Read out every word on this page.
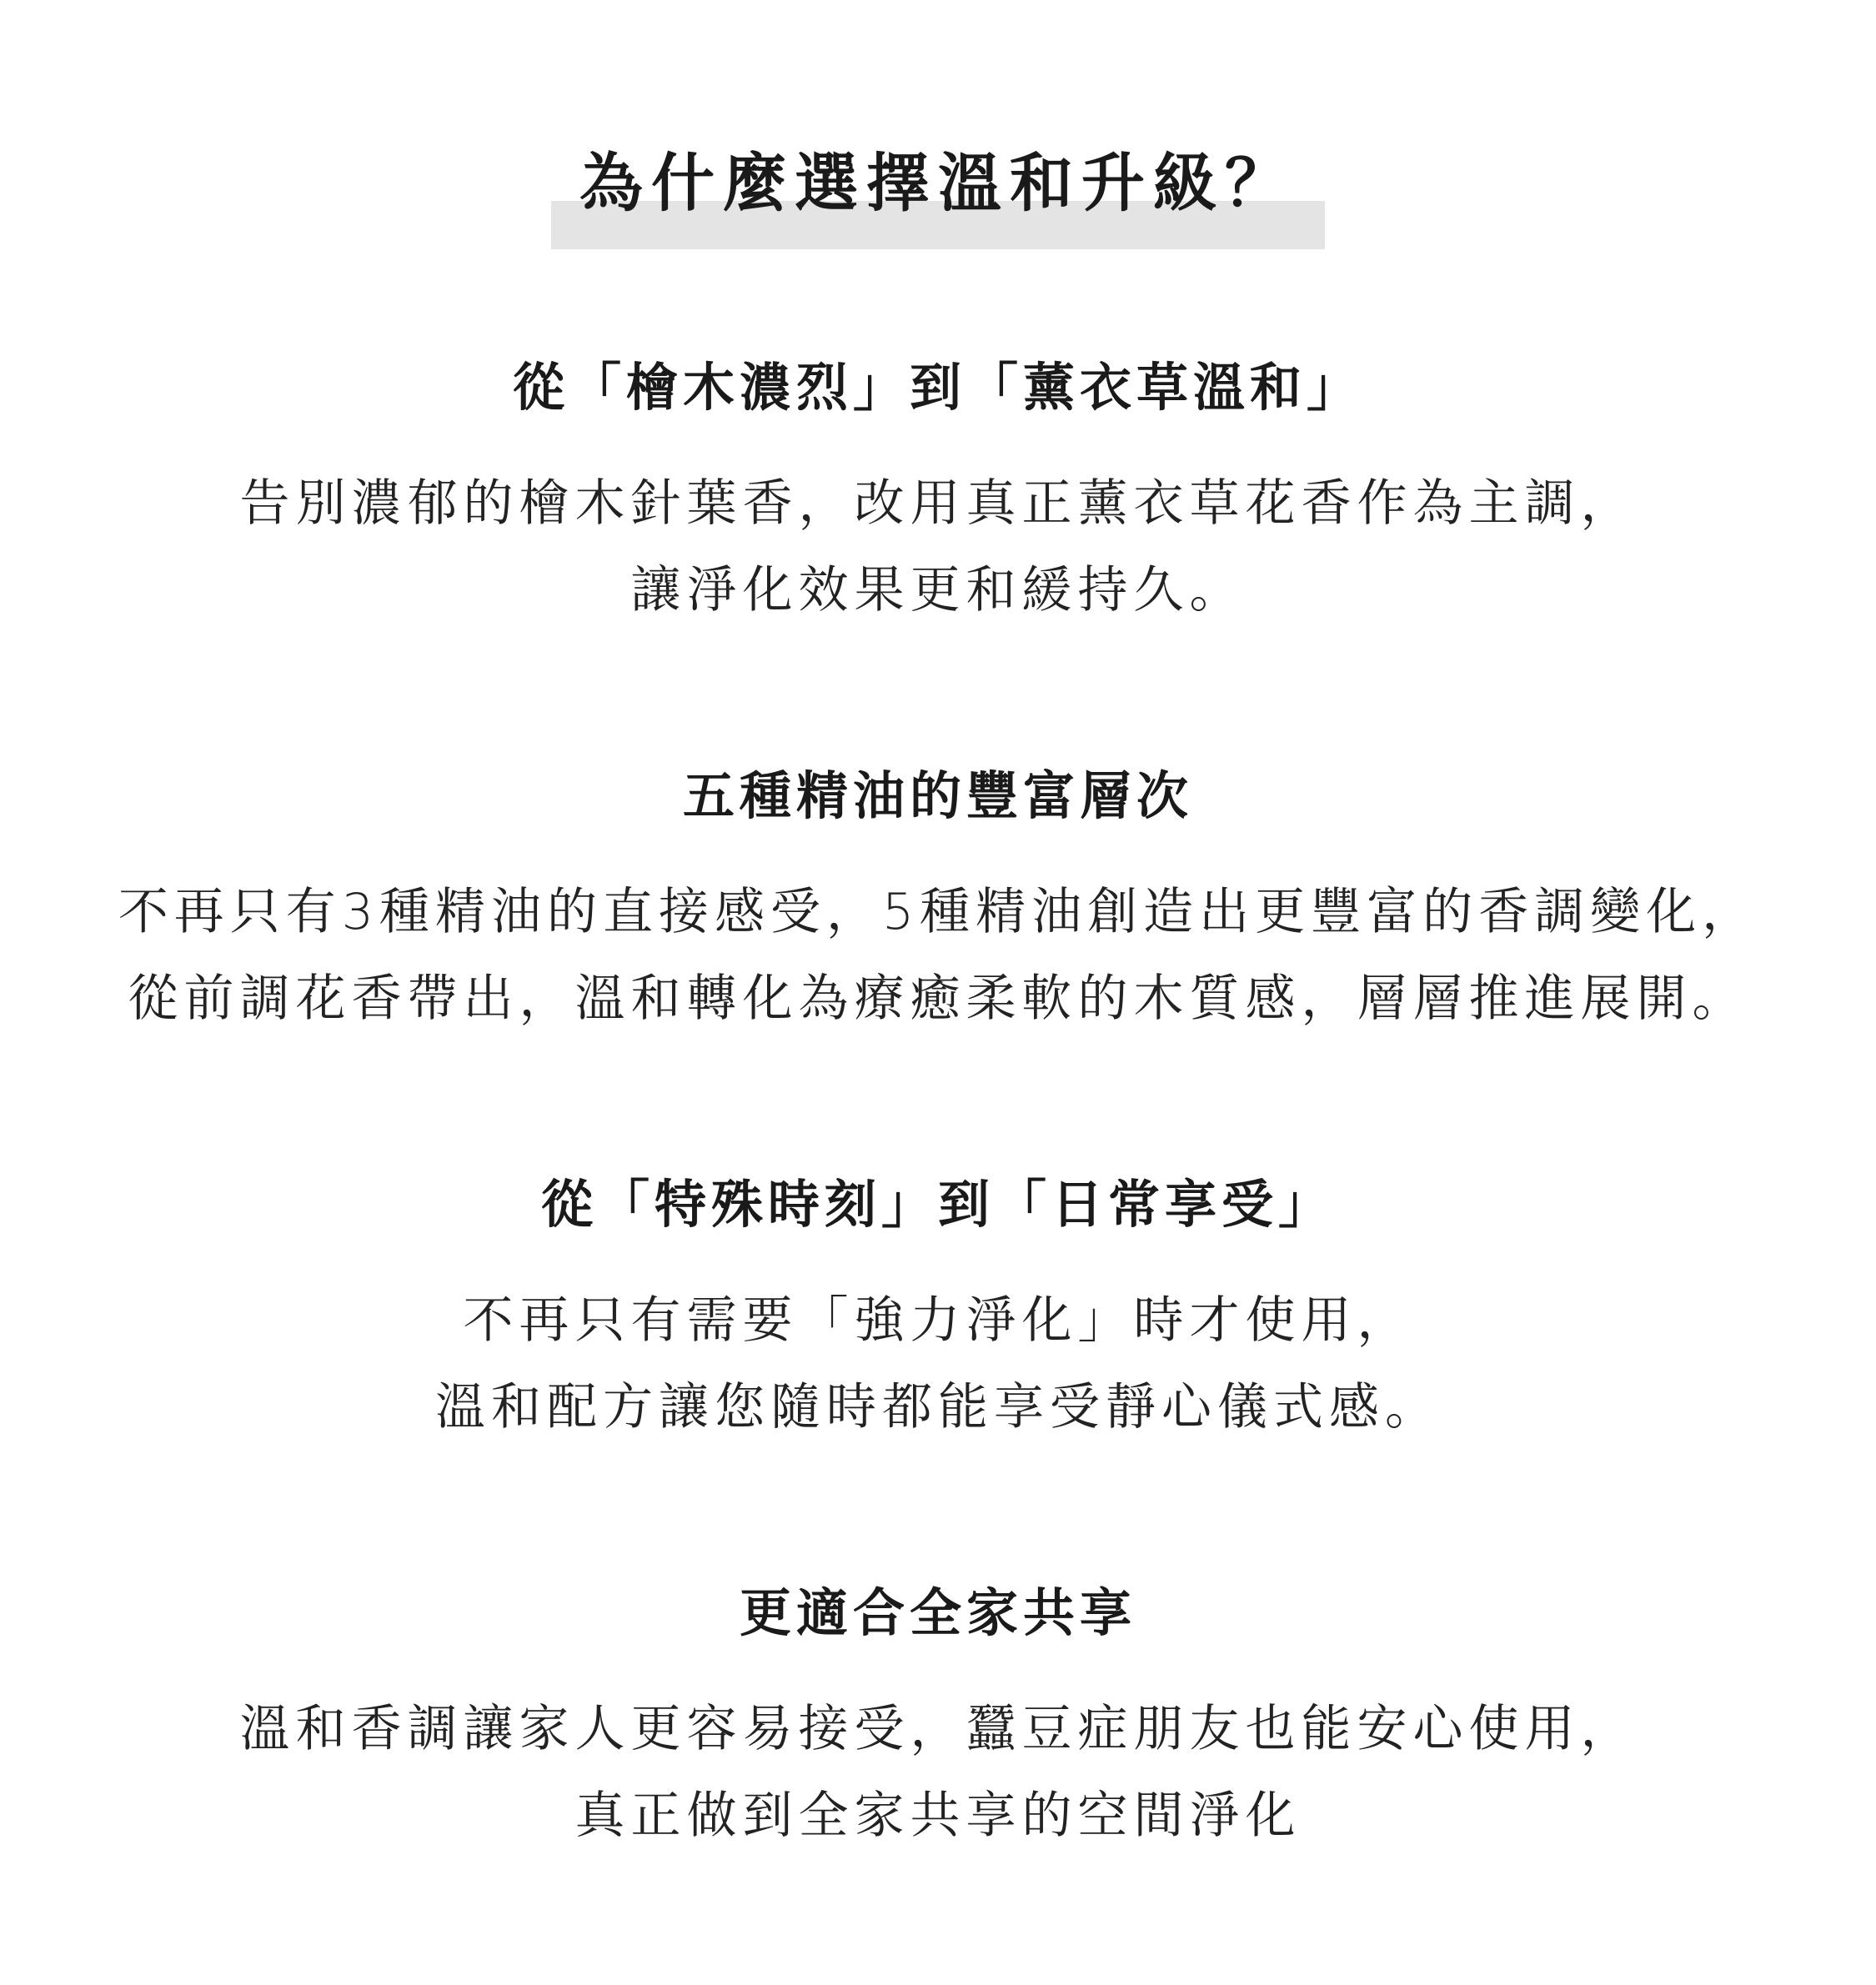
為什麼選擇溫和升級？
從「檜木濃烈」到「薰衣草溫和」
告別濃郁的檜木針葉香，改用真正薰衣草花香作為主調，
讓淨化效果更和緩持久。
五種精油的豐富層次
不再只有3種精油的直接感受，5種精油創造出更豐富的香調變化，
從前調花香帶出，溫和轉化為療癒柔軟的木質感，層層推進展開。
從「特殊時刻」到「日常享受」
不再只有需要「強力淨化」時才使用，
溫和配方讓您隨時都能享受靜心儀式感。
更適合全家共享
溫和香調讓家人更容易接受，蠶豆症朋友也能安心使用，
真正做到全家共享的空間淨化
